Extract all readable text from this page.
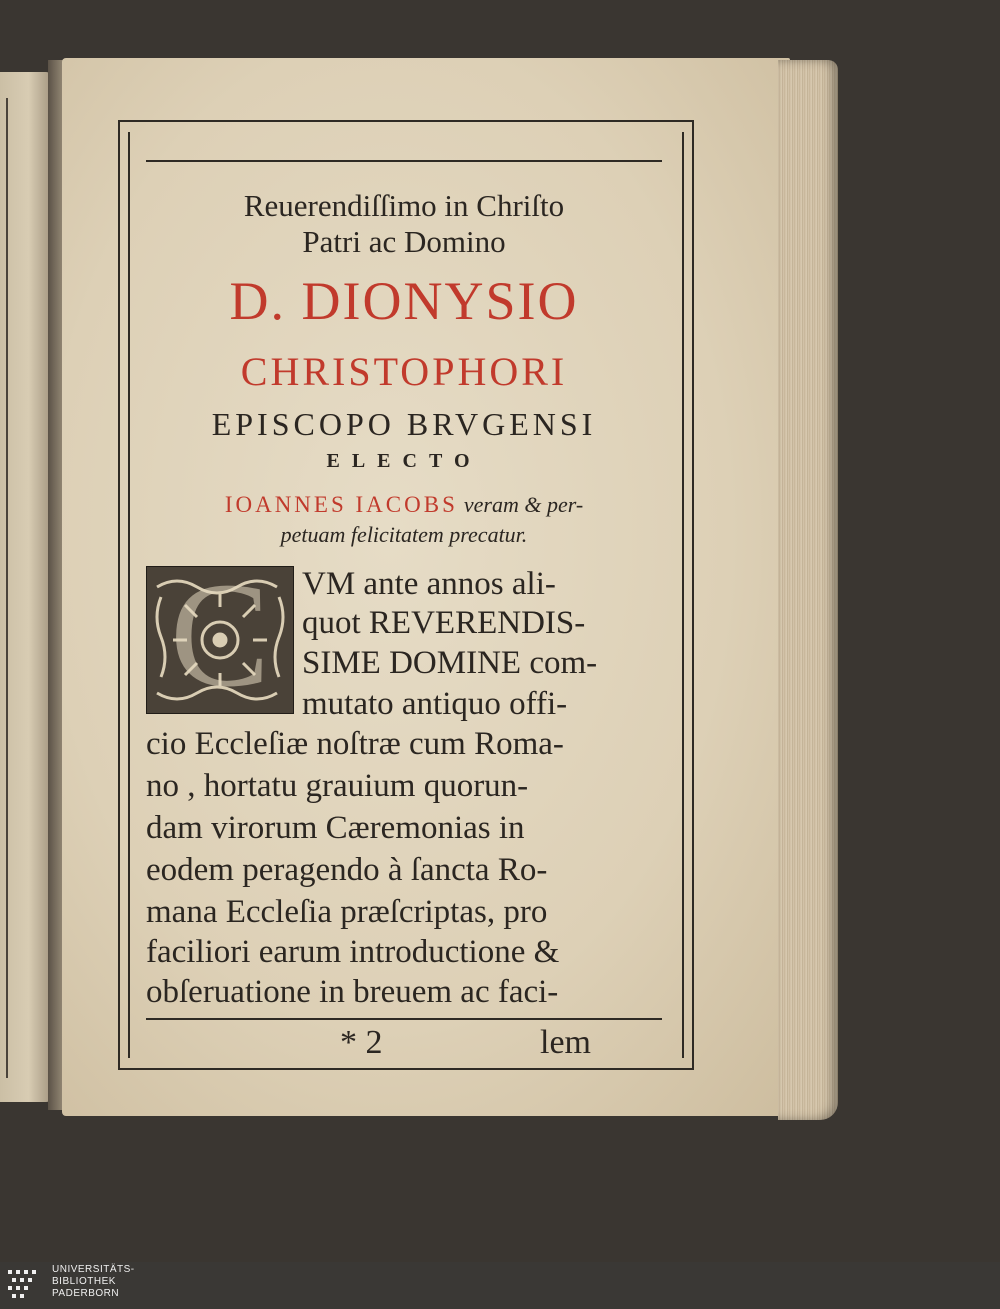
Reuerendiſſimo in Chriſto
Patri ac Domino
D. DIONYSIO
CHRISTOPHORI
EPISCOPO BRVGENSI
ELECTO
IOANNES IACOBS veram & per-
petuam felicitatem precatur.
C VM ante annos ali-
quot REVERENDIS-
SIME DOMINE com-
mutato antiquo offi-
cio Eccleſiæ noſtræ cum Roma-
no , hortatu grauium quorun-
dam virorum Cæremonias in
eodem peragendo à ſancta Ro-
mana Eccleſia præſcriptas, pro
faciliori earum introductione &
obſeruatione in breuem ac faci-
* 2	lem
UNIVERSITÄTS-
BIBLIOTHEK
PADERBORN
